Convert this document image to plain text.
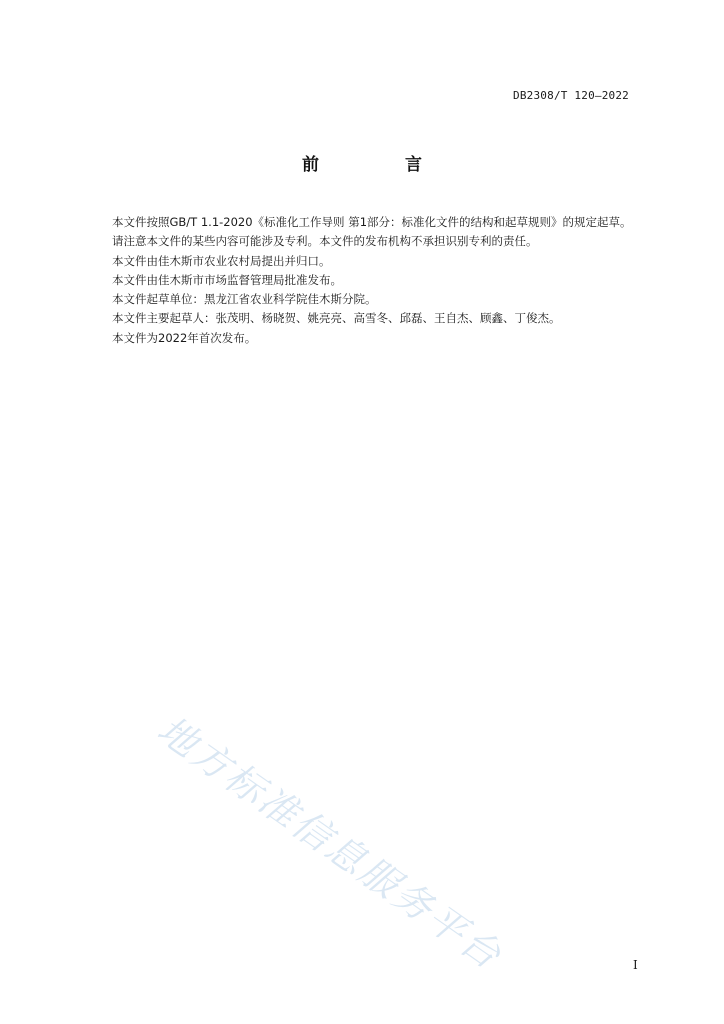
DB2308/T 120—2022
前 言

本文件按照GB/T 1.1-2020《标准化工作导则 第1部分：标准化文件的结构和起草规则》的规定起草。

请注意本文件的某些内容可能涉及专利。本文件的发布机构不承担识别专利的责任。

本文件由佳木斯市农业农村局提出并归口。

本文件由佳木斯市市场监督管理局批准发布。

本文件起草单位：黑龙江省农业科学院佳木斯分院。

本文件主要起草人：张茂明、杨晓贺、姚亮亮、高雪冬、邱磊、王自杰、顾鑫、丁俊杰。

本文件为2022年首次发布。

地方标准信息服务平台	I
